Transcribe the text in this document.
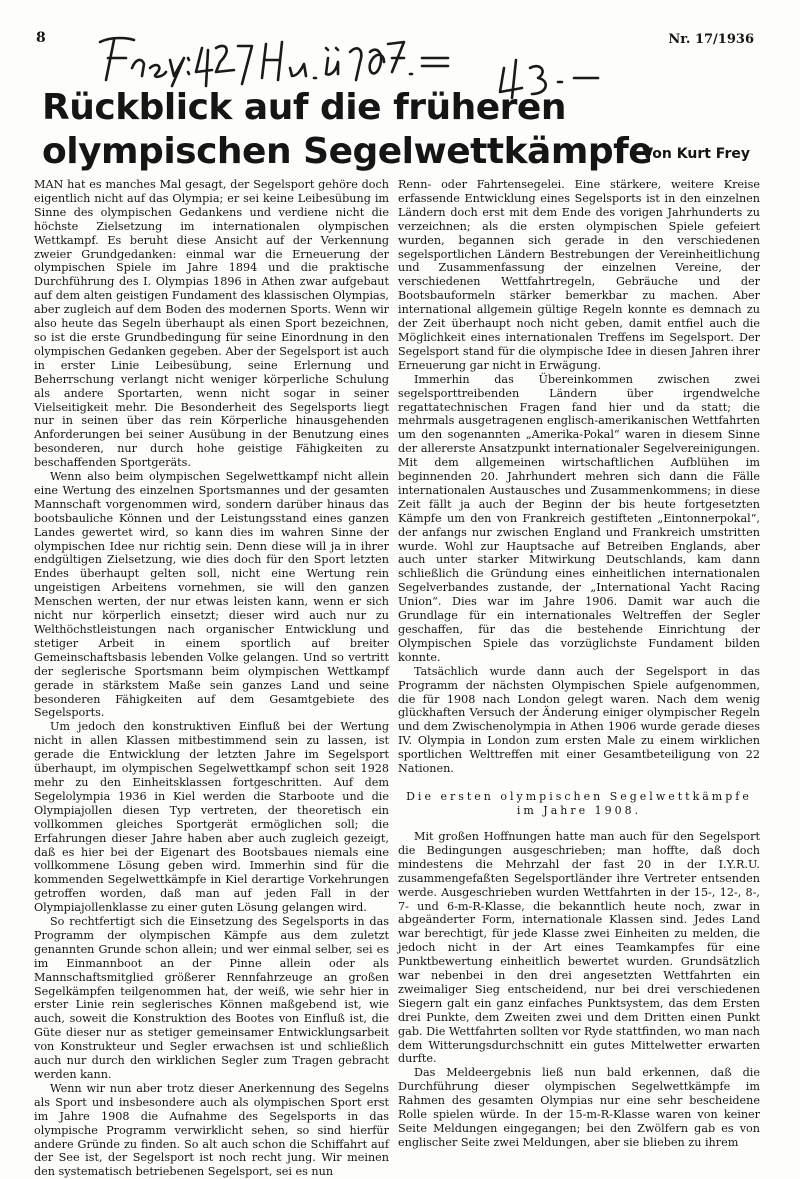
8	Nr. 17/1936
Rückblick auf die früheren olympischen Segelwettkämpfe
Von Kurt Frey

MAN hat es manches Mal gesagt, der Segelsport gehöre doch eigentlich nicht auf das Olympia; er sei keine Leibesübung im Sinne des olympischen Gedankens und verdiene nicht die höchste Zielsetzung im internationalen olympischen Wettkampf. Es beruht diese Ansicht auf der Verkennung zweier Grundgedanken: einmal war die Erneuerung der olympischen Spiele im Jahre 1894 und die praktische Durchführung des I. Olympias 1896 in Athen zwar aufgebaut auf dem alten geistigen Fundament des klassischen Olympias, aber zugleich auf dem Boden des modernen Sports. Wenn wir also heute das Segeln überhaupt als einen Sport bezeichnen, so ist die erste Grundbedingung für seine Einordnung in den olympischen Gedanken gegeben. Aber der Segelsport ist auch in erster Linie Leibesübung, seine Erlernung und Beherrschung verlangt nicht weniger körperliche Schulung als andere Sportarten, wenn nicht sogar in seiner Vielseitigkeit mehr. Die Besonderheit des Segelsports liegt nur in seinen über das rein Körperliche hinausgehenden Anforderungen bei seiner Ausübung in der Benutzung eines besonderen, nur durch hohe geistige Fähigkeiten zu beschaffenden Sportgeräts.

Wenn also beim olympischen Segelwettkampf nicht allein eine Wertung des einzelnen Sportsmannes und der gesamten Mannschaft vorgenommen wird, sondern darüber hinaus das bootsbauliche Können und der Leistungsstand eines ganzen Landes gewertet wird, so kann dies im wahren Sinne der olympischen Idee nur richtig sein. Denn diese will ja in ihrer endgültigen Zielsetzung, wie dies doch für den Sport letzten Endes überhaupt gelten soll, nicht eine Wertung rein ungeistigen Arbeitens vornehmen, sie will den ganzen Menschen werten, der nur etwas leisten kann, wenn er sich nicht nur körperlich einsetzt; dieser wird auch nur zu Welthöchstleistungen nach organischer Entwicklung und stetiger Arbeit in einem sportlich auf breiter Gemeinschaftsbasis lebenden Volke gelangen. Und so vertritt der seglerische Sportsmann beim olympischen Wettkampf gerade in stärkstem Maße sein ganzes Land und seine besonderen Fähigkeiten auf dem Gesamtgebiete des Segelsports.

Um jedoch den konstruktiven Einfluß bei der Wertung nicht in allen Klassen mitbestimmend sein zu lassen, ist gerade die Entwicklung der letzten Jahre im Segelsport überhaupt, im olympischen Segelwettkampf schon seit 1928 mehr zu den Einheitsklassen fortgeschritten. Auf dem Segelolympia 1936 in Kiel werden die Starboote und die Olympiajollen diesen Typ vertreten, der theoretisch ein vollkommen gleiches Sportgerät ermöglichen soll; die Erfahrungen dieser Jahre haben aber auch zugleich gezeigt, daß es hier bei der Eigenart des Bootsbaues niemals eine vollkommene Lösung geben wird. Immerhin sind für die kommenden Segelwettkämpfe in Kiel derartige Vorkehrungen getroffen worden, daß man auf jeden Fall in der Olympiajollenklasse zu einer guten Lösung gelangen wird.

So rechtfertigt sich die Einsetzung des Segelsports in das Programm der olympischen Kämpfe aus dem zuletzt genannten Grunde schon allein; und wer einmal selber, sei es im Einmannboot an der Pinne allein oder als Mannschaftsmitglied größerer Rennfahrzeuge an großen Segelkämpfen teilgenommen hat, der weiß, wie sehr hier in erster Linie rein seglerisches Können maßgebend ist, wie auch, soweit die Konstruktion des Bootes von Einfluß ist, die Güte dieser nur as stetiger gemeinsamer Entwicklungsarbeit von Konstrukteur und Segler erwachsen ist und schließlich auch nur durch den wirklichen Segler zum Tragen gebracht werden kann.

Wenn wir nun aber trotz dieser Anerkennung des Segelns als Sport und insbesondere auch als olympischen Sport erst im Jahre 1908 die Aufnahme des Segelsports in das olympische Programm verwirklicht sehen, so sind hierfür andere Gründe zu finden. So alt auch schon die Schiffahrt auf der See ist, der Segelsport ist noch recht jung. Wir meinen den systematisch betriebenen Segelsport, sei es nun

Renn- oder Fahrtensegelei. Eine stärkere, weitere Kreise erfassende Entwicklung eines Segelsports ist in den einzelnen Ländern doch erst mit dem Ende des vorigen Jahrhunderts zu verzeichnen; als die ersten olympischen Spiele gefeiert wurden, begannen sich gerade in den verschiedenen segelsportlichen Ländern Bestrebungen der Vereinheitlichung und Zusammenfassung der einzelnen Vereine, der verschiedenen Wettfahrtregeln, Gebräuche und der Bootsbauformeln stärker bemerkbar zu machen. Aber international allgemein gültige Regeln konnte es demnach zu der Zeit überhaupt noch nicht geben, damit entfiel auch die Möglichkeit eines internationalen Treffens im Segelsport. Der Segelsport stand für die olympische Idee in diesen Jahren ihrer Erneuerung gar nicht in Erwägung.

Immerhin das Übereinkommen zwischen zwei segelsporttreibenden Ländern über irgendwelche regattatechnischen Fragen fand hier und da statt; die mehrmals ausgetragenen englisch-amerikanischen Wettfahrten um den sogenannten „Amerika-Pokal“ waren in diesem Sinne der allererste Ansatzpunkt internationaler Segelvereinigungen. Mit dem allgemeinen wirtschaftlichen Aufblühen im beginnenden 20. Jahrhundert mehren sich dann die Fälle internationalen Austausches und Zusammenkommens; in diese Zeit fällt ja auch der Beginn der bis heute fortgesetzten Kämpfe um den von Frankreich gestifteten „Eintonnerpokal“, der anfangs nur zwischen England und Frankreich umstritten wurde. Wohl zur Hauptsache auf Betreiben Englands, aber auch unter starker Mitwirkung Deutschlands, kam dann schließlich die Gründung eines einheitlichen internationalen Segelverbandes zustande, der „International Yacht Racing Union“. Dies war im Jahre 1906. Damit war auch die Grundlage für ein internationales Weltreffen der Segler geschaffen, für das die bestehende Einrichtung der Olympischen Spiele das vorzüglichste Fundament bilden konnte.

Tatsächlich wurde dann auch der Segelsport in das Programm der nächsten Olympischen Spiele aufgenommen, die für 1908 nach London gelegt waren. Nach dem wenig glückhaften Versuch der Änderung einiger olympischer Regeln und dem Zwischenolympia in Athen 1906 wurde gerade dieses IV. Olympia in London zum ersten Male zu einem wirklichen sportlichen Welttreffen mit einer Gesamtbeteiligung von 22 Nationen.

Die ersten olympischen Segelwettkämpfe im Jahre 1908.

Mit großen Hoffnungen hatte man auch für den Segelsport die Bedingungen ausgeschrieben; man hoffte, daß doch mindestens die Mehrzahl der fast 20 in der I.Y.R.U. zusammengefaßten Segelsportländer ihre Vertreter entsenden werde. Ausgeschrieben wurden Wettfahrten in der 15-, 12-, 8-, 7- und 6-m-R-Klasse, die bekanntlich heute noch, zwar in abgeänderter Form, internationale Klassen sind. Jedes Land war berechtigt, für jede Klasse zwei Einheiten zu melden, die jedoch nicht in der Art eines Teamkampfes für eine Punktbewertung einheitlich bewertet wurden. Grundsätzlich war nebenbei in den drei angesetzten Wettfahrten ein zweimaliger Sieg entscheidend, nur bei drei verschiedenen Siegern galt ein ganz einfaches Punktsystem, das dem Ersten drei Punkte, dem Zweiten zwei und dem Dritten einen Punkt gab. Die Wettfahrten sollten vor Ryde stattfinden, wo man nach dem Witterungsdurchschnitt ein gutes Mittelwetter erwarten durfte.

Das Meldeergebnis ließ nun bald erkennen, daß die Durchführung dieser olympischen Segelwettkämpfe im Rahmen des gesamten Olympias nur eine sehr bescheidene Rolle spielen würde. In der 15-m-R-Klasse waren von keiner Seite Meldungen eingegangen; bei den Zwölfern gab es von englischer Seite zwei Meldungen, aber sie blieben zu ihrem
